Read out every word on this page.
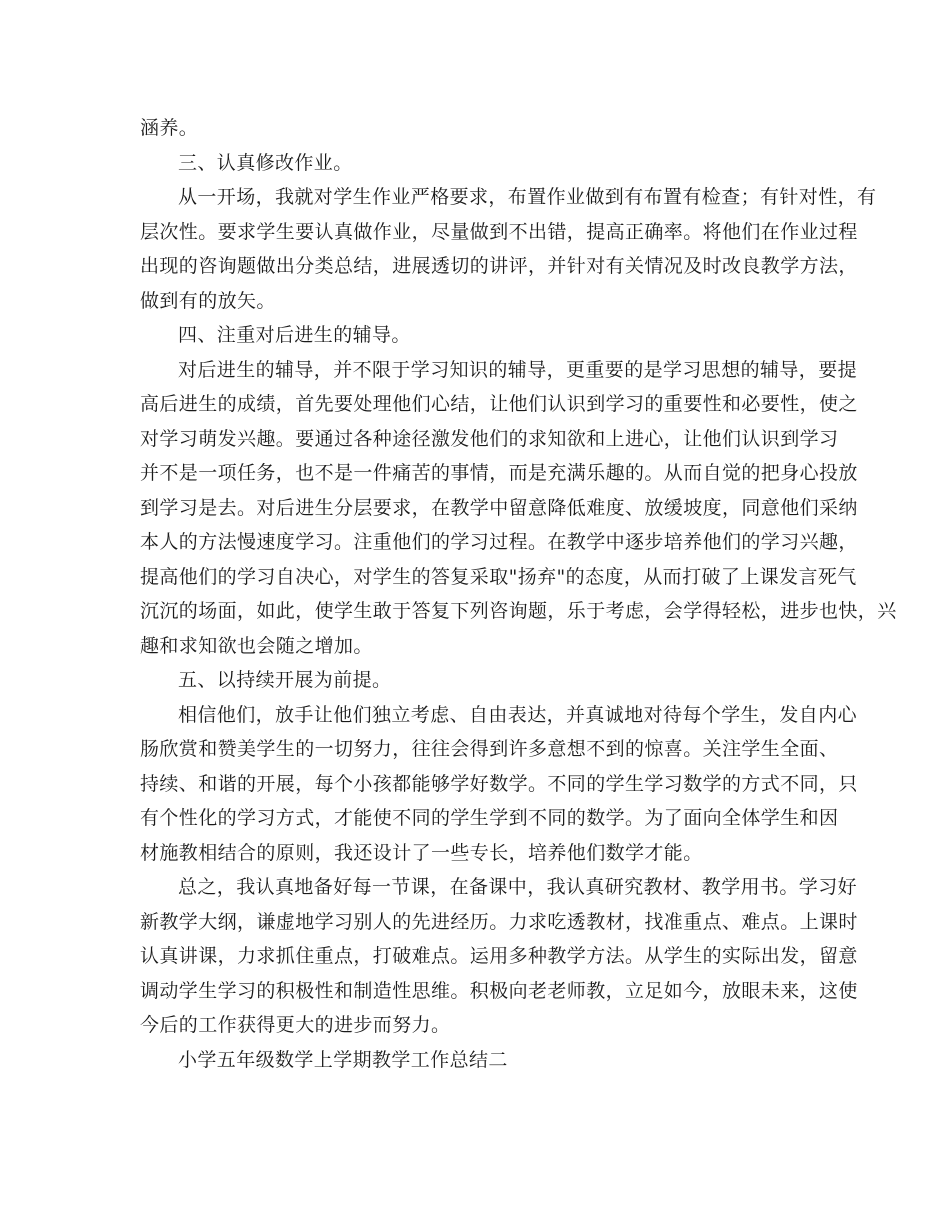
涵养。
三、认真修改作业。
从一开场，我就对学生作业严格要求，布置作业做到有布置有检查；有针对性，有
层次性。要求学生要认真做作业，尽量做到不出错，提高正确率。将他们在作业过程
出现的咨询题做出分类总结，进展透切的讲评，并针对有关情况及时改良教学方法，
做到有的放矢。
四、注重对后进生的辅导。
对后进生的辅导，并不限于学习知识的辅导，更重要的是学习思想的辅导，要提
高后进生的成绩，首先要处理他们心结，让他们认识到学习的重要性和必要性，使之
对学习萌发兴趣。要通过各种途径激发他们的求知欲和上进心，让他们认识到学习
并不是一项任务，也不是一件痛苦的事情，而是充满乐趣的。从而自觉的把身心投放
到学习是去。对后进生分层要求，在教学中留意降低难度、放缓坡度，同意他们采纳
本人的方法慢速度学习。注重他们的学习过程。在教学中逐步培养他们的学习兴趣，
提高他们的学习自决心，对学生的答复采取"扬弃"的态度，从而打破了上课发言死气
沉沉的场面，如此，使学生敢于答复下列咨询题，乐于考虑，会学得轻松，进步也快，兴
趣和求知欲也会随之增加。
五、以持续开展为前提。
相信他们，放手让他们独立考虑、自由表达，并真诚地对待每个学生，发自内心
肠欣赏和赞美学生的一切努力，往往会得到许多意想不到的惊喜。关注学生全面、
持续、和谐的开展，每个小孩都能够学好数学。不同的学生学习数学的方式不同，只
有个性化的学习方式，才能使不同的学生学到不同的数学。为了面向全体学生和因
材施教相结合的原则，我还设计了一些专长，培养他们数学才能。
总之，我认真地备好每一节课，在备课中，我认真研究教材、教学用书。学习好
新教学大纲，谦虚地学习别人的先进经历。力求吃透教材，找准重点、难点。上课时
认真讲课，力求抓住重点，打破难点。运用多种教学方法。从学生的实际出发，留意
调动学生学习的积极性和制造性思维。积极向老老师教，立足如今，放眼未来，这使
今后的工作获得更大的进步而努力。
小学五年级数学上学期教学工作总结二
